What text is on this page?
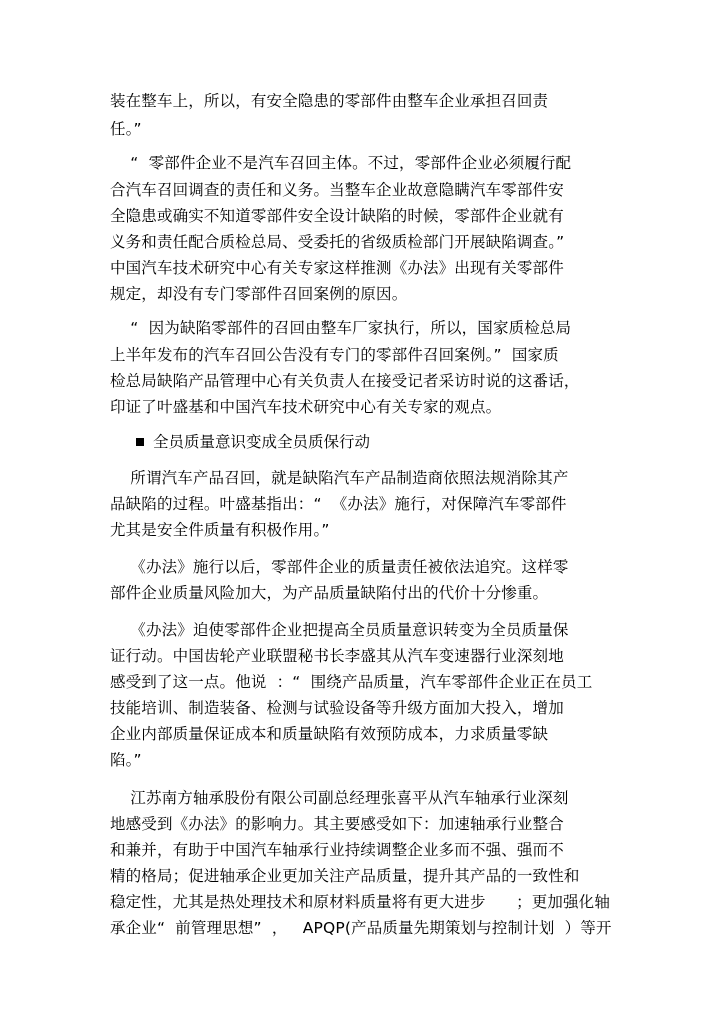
装在整车上，所以，有安全隐患的零部件由整车企业承担召回责
任。”
“  零部件企业不是汽车召回主体。不过，零部件企业必须履行配
合汽车召回调查的责任和义务。当整车企业故意隐瞒汽车零部件安
全隐患或确实不知道零部件安全设计缺陷的时候，零部件企业就有
义务和责任配合质检总局、受委托的省级质检部门开展缺陷调查。”
中国汽车技术研究中心有关专家这样推测《办法》出现有关零部件
规定，却没有专门零部件召回案例的原因。
“  因为缺陷零部件的召回由整车厂家执行，所以，国家质检总局
上半年发布的汽车召回公告没有专门的零部件召回案例。”  国家质
检总局缺陷产品管理中心有关负责人在接受记者采访时说的这番话，
印证了叶盛基和中国汽车技术研究中心有关专家的观点。
全员质量意识变成全员质保行动
所谓汽车产品召回，就是缺陷汽车产品制造商依照法规消除其产
品缺陷的过程。叶盛基指出：“  《办法》施行，对保障汽车零部件
尤其是安全件质量有积极作用。”
《办法》施行以后，零部件企业的质量责任被依法追究。这样零
部件企业质量风险加大，为产品质量缺陷付出的代价十分惨重。
《办法》迫使零部件企业把提高全员质量意识转变为全员质量保
证行动。中国齿轮产业联盟秘书长李盛其从汽车变速器行业深刻地
感受到了这一点。他说  ：“  围绕产品质量，汽车零部件企业正在员工
技能培训、制造装备、检测与试验设备等升级方面加大投入，增加
企业内部质量保证成本和质量缺陷有效预防成本，力求质量零缺
陷。”
江苏南方轴承股份有限公司副总经理张喜平从汽车轴承行业深刻
地感受到《办法》的影响力。其主要感受如下：加速轴承行业整合
和兼并，有助于中国汽车轴承行业持续调整企业多而不强、强而不
精的格局；促进轴承企业更加关注产品质量，提升其产品的一致性和
稳定性，尤其是热处理技术和原材料质量将有更大进步      ；更加强化轴
承企业“  前管理思想”  ，   APQP(产品质量先期策划与控制计划  ）等开
